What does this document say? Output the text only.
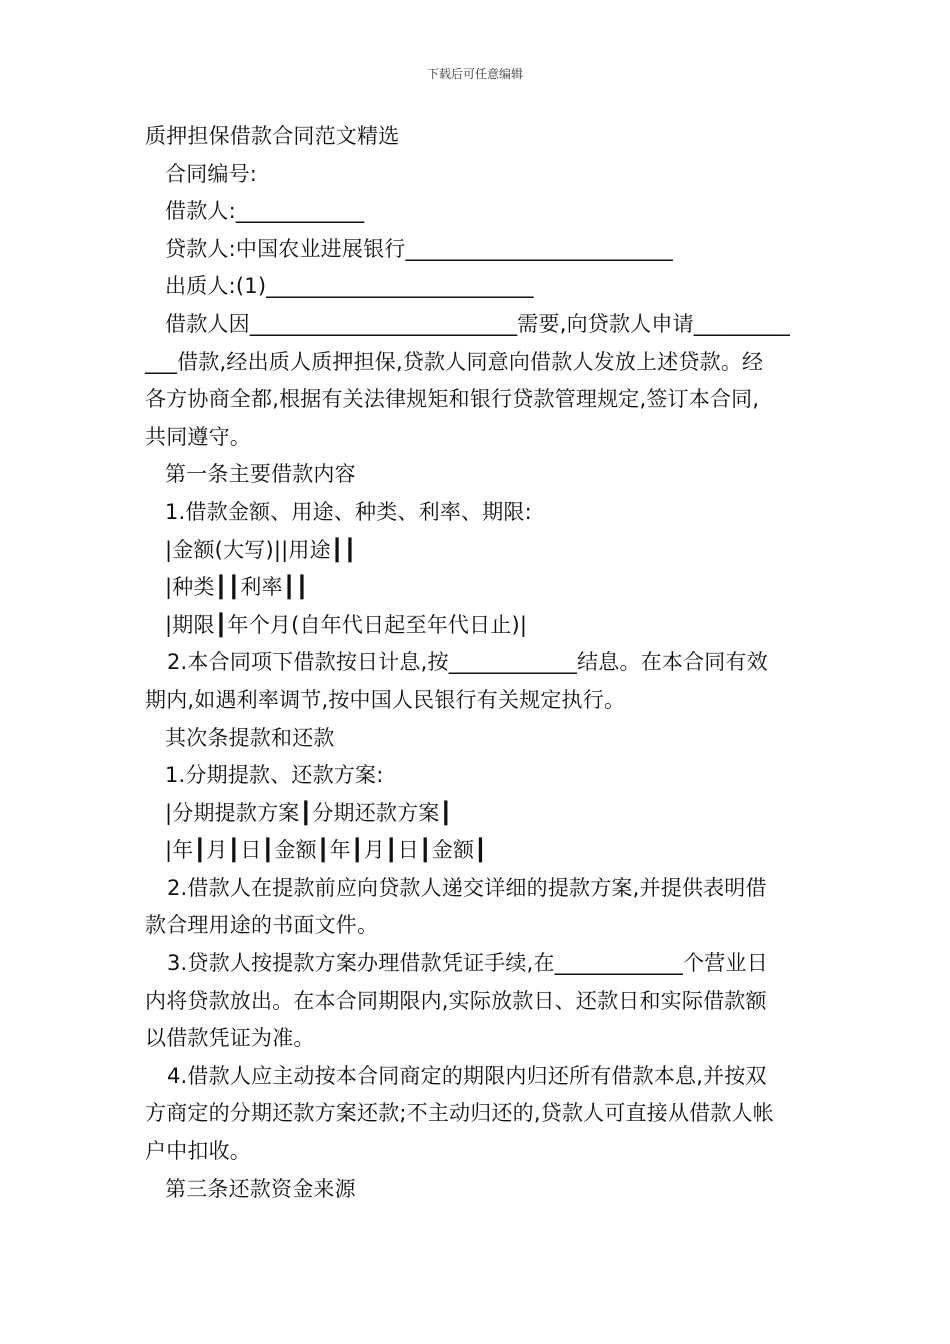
下载后可任意编辑
质押担保借款合同范文精选
合同编号:
借款人:____________
贷款人:中国农业进展银行_________________________
出质人:(1)_________________________
借款人因_________________________需要,向贷款人申请_________
___借款,经出质人质押担保,贷款人同意向借款人发放上述贷款。经
各方协商全都,根据有关法律规矩和银行贷款管理规定,签订本合同,
共同遵守。
第一条主要借款内容
1.借款金额、用途、种类、利率、期限:
|金额(大写)||用途┃┃
|种类┃┃利率┃┃
|期限┃年个月(自年代日起至年代日止)|
2.本合同项下借款按日计息,按____________结息。在本合同有效
期内,如遇利率调节,按中国人民银行有关规定执行。
其次条提款和还款
1.分期提款、还款方案:
|分期提款方案┃分期还款方案┃
|年┃月┃日┃金额┃年┃月┃日┃金额┃
2.借款人在提款前应向贷款人递交详细的提款方案,并提供表明借
款合理用途的书面文件。
3.贷款人按提款方案办理借款凭证手续,在____________个营业日
内将贷款放出。在本合同期限内,实际放款日、还款日和实际借款额
以借款凭证为准。
4.借款人应主动按本合同商定的期限内归还所有借款本息,并按双
方商定的分期还款方案还款;不主动归还的,贷款人可直接从借款人帐
户中扣收。
第三条还款资金来源
